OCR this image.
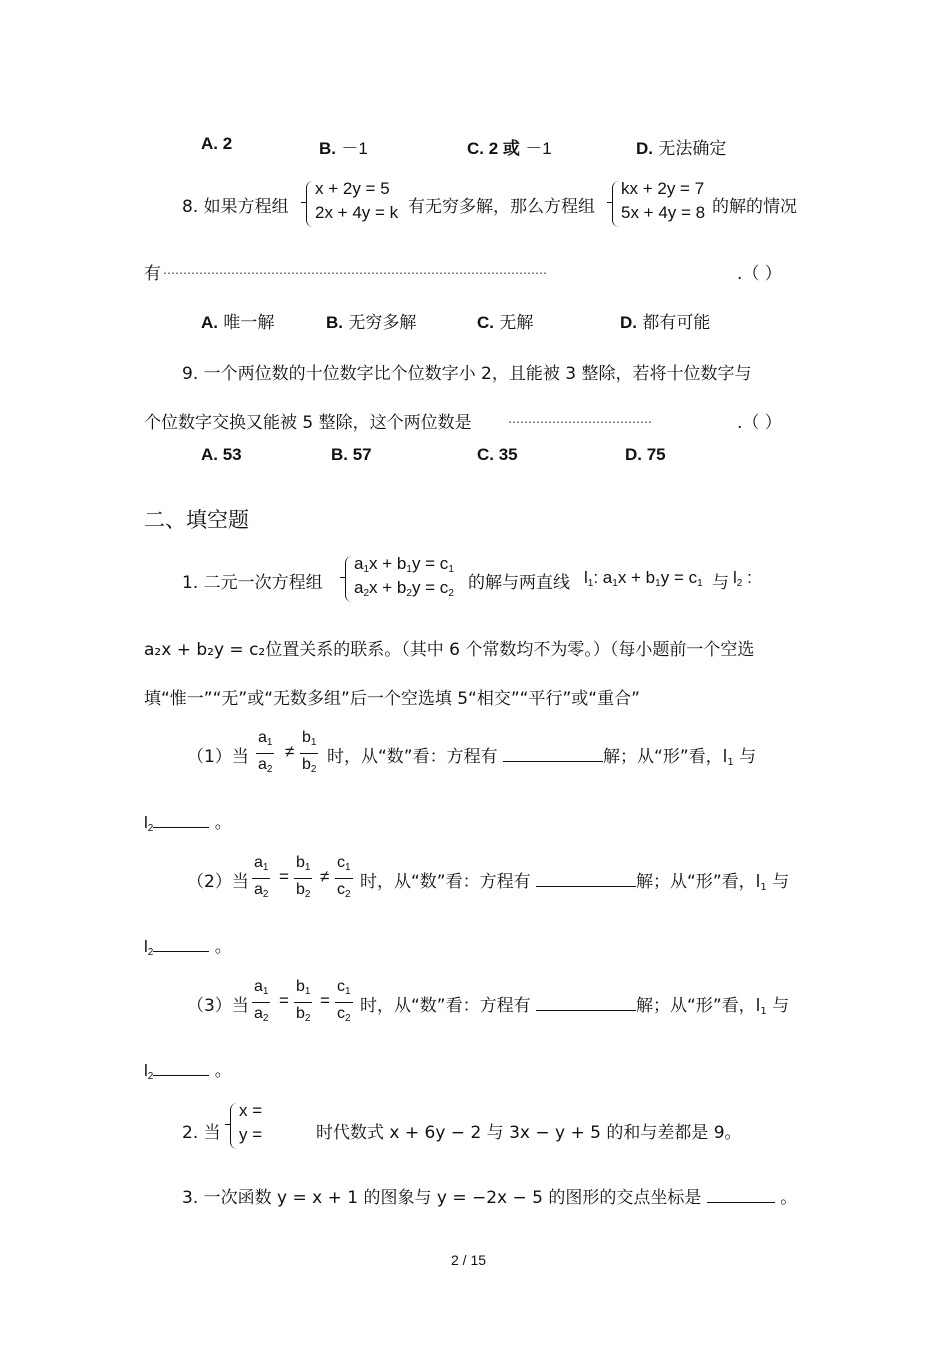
A. 2	B. －1	C. 2 或 －1	D. 无法确定
8. 如果方程组
x + 2y = 5
2x + 4y = k 有无穷多解，那么方程组
kx + 2y = 7
5x + 4y = 8 的解的情况
有 ……………………………………………………………………………………	.（ ）
A. 唯一解	B. 无穷多解	C. 无解	D. 都有可能
9. 一个两位数的十位数字比个位数字小 2，且能被 3 整除，若将十位数字与
个位数字交换又能被 5 整除，这个两位数是	………………………………	.（ ）
A. 53	B. 57	C. 35	D. 75
二、填空题
1. 二元一次方程组
$a_1x + b_1y = c_1$
$a_2x + b_2y = c_2$
的解与两直线 $l_1$: $a_1x + b_1y = c_1$ 与 $l_2$ :
a₂x + b₂y = c₂位置关系的联系。（其中 6 个常数均不为零。）（每小题前一个空选
填“惟一”“无”或“无数多组”后一个空选填 5“相交”“平行”或“重合”
（1）当 $\frac{a_1}{a_2} \ne \frac{b_1}{b_2}$ 时，从“数”看：方程有	解；从“形”看，$l_1$ 与
$l_2$	。
（2）当 $\frac{a_1}{a_2} = \frac{b_1}{b_2} \ne \frac{c_1}{c_2}$ 时，从“数”看：方程有	解；从“形”看，$l_1$ 与
$l_2$	。
（3）当 $\frac{a_1}{a_2} = \frac{b_1}{b_2} = \frac{c_1}{c_2}$ 时，从“数”看：方程有	解；从“形”看，$l_1$ 与
$l_2$	。
2. 当
x =
y =	时代数式 x + 6y − 2 与 3x − y + 5 的和与差都是 9。
3. 一次函数 y = x + 1 的图象与 y = −2x − 5 的图形的交点坐标是	。
2 / 15
